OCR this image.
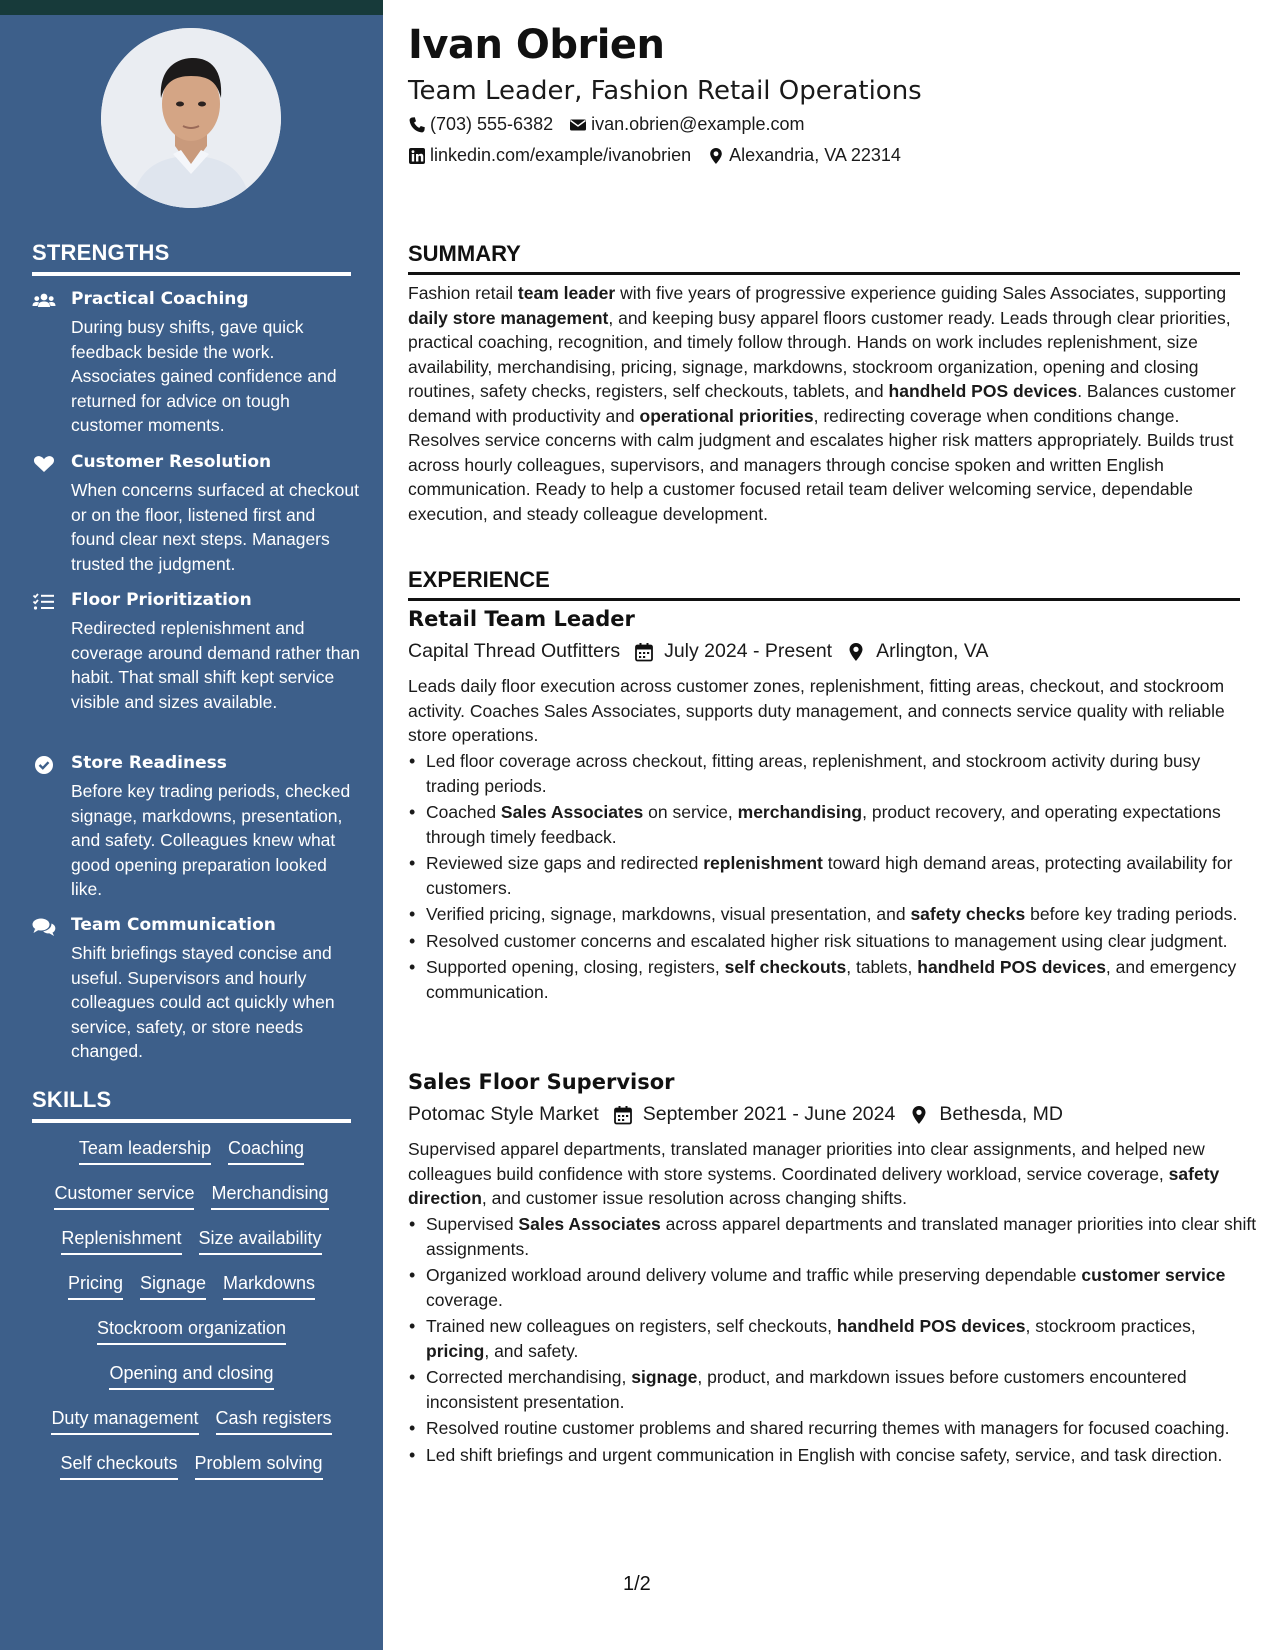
STRENGTHS
Practical Coaching
During busy shifts, gave quick feedback beside the work. Associates gained confidence and returned for advice on tough customer moments.
Customer Resolution
When concerns surfaced at checkout or on the floor, listened first and found clear next steps. Managers trusted the judgment.
Floor Prioritization
Redirected replenishment and coverage around demand rather than habit. That small shift kept service visible and sizes available.
Store Readiness
Before key trading periods, checked signage, markdowns, presentation, and safety. Colleagues knew what good opening preparation looked like.
Team Communication
Shift briefings stayed concise and useful. Supervisors and hourly colleagues could act quickly when service, safety, or store needs changed.
SKILLS
Team leadership Coaching
Customer service Merchandising
Replenishment Size availability
Pricing Signage Markdowns
Stockroom organization
Opening and closing
Duty management Cash registers
Self checkouts Problem solving
Ivan Obrien
Team Leader, Fashion Retail Operations
(703) 555-6382 ivan.obrien@example.com
linkedin.com/example/ivanobrien Alexandria, VA 22314
SUMMARY
Fashion retail team leader with five years of progressive experience guiding Sales Associates, supporting daily store management, and keeping busy apparel floors customer ready. Leads through clear priorities, practical coaching, recognition, and timely follow through. Hands on work includes replenishment, size availability, merchandising, pricing, signage, markdowns, stockroom organization, opening and closing routines, safety checks, registers, self checkouts, tablets, and handheld POS devices. Balances customer demand with productivity and operational priorities, redirecting coverage when conditions change. Resolves service concerns with calm judgment and escalates higher risk matters appropriately. Builds trust across hourly colleagues, supervisors, and managers through concise spoken and written English communication. Ready to help a customer focused retail team deliver welcoming service, dependable execution, and steady colleague development.
EXPERIENCE
Retail Team Leader
Capital Thread Outfitters July 2024 - Present Arlington, VA
Leads daily floor execution across customer zones, replenishment, fitting areas, checkout, and stockroom activity. Coaches Sales Associates, supports duty management, and connects service quality with reliable store operations.
• Led floor coverage across checkout, fitting areas, replenishment, and stockroom activity during busy trading periods.
• Coached Sales Associates on service, merchandising, product recovery, and operating expectations through timely feedback.
• Reviewed size gaps and redirected replenishment toward high demand areas, protecting availability for customers.
• Verified pricing, signage, markdowns, visual presentation, and safety checks before key trading periods.
• Resolved customer concerns and escalated higher risk situations to management using clear judgment.
• Supported opening, closing, registers, self checkouts, tablets, handheld POS devices, and emergency communication.
Sales Floor Supervisor
Potomac Style Market September 2021 - June 2024 Bethesda, MD
Supervised apparel departments, translated manager priorities into clear assignments, and helped new colleagues build confidence with store systems. Coordinated delivery workload, service coverage, safety direction, and customer issue resolution across changing shifts.
• Supervised Sales Associates across apparel departments and translated manager priorities into clear shift assignments.
• Organized workload around delivery volume and traffic while preserving dependable customer service coverage.
• Trained new colleagues on registers, self checkouts, handheld POS devices, stockroom practices, pricing, and safety.
• Corrected merchandising, signage, product, and markdown issues before customers encountered inconsistent presentation.
• Resolved routine customer problems and shared recurring themes with managers for focused coaching.
• Led shift briefings and urgent communication in English with concise safety, service, and task direction.
1/2
